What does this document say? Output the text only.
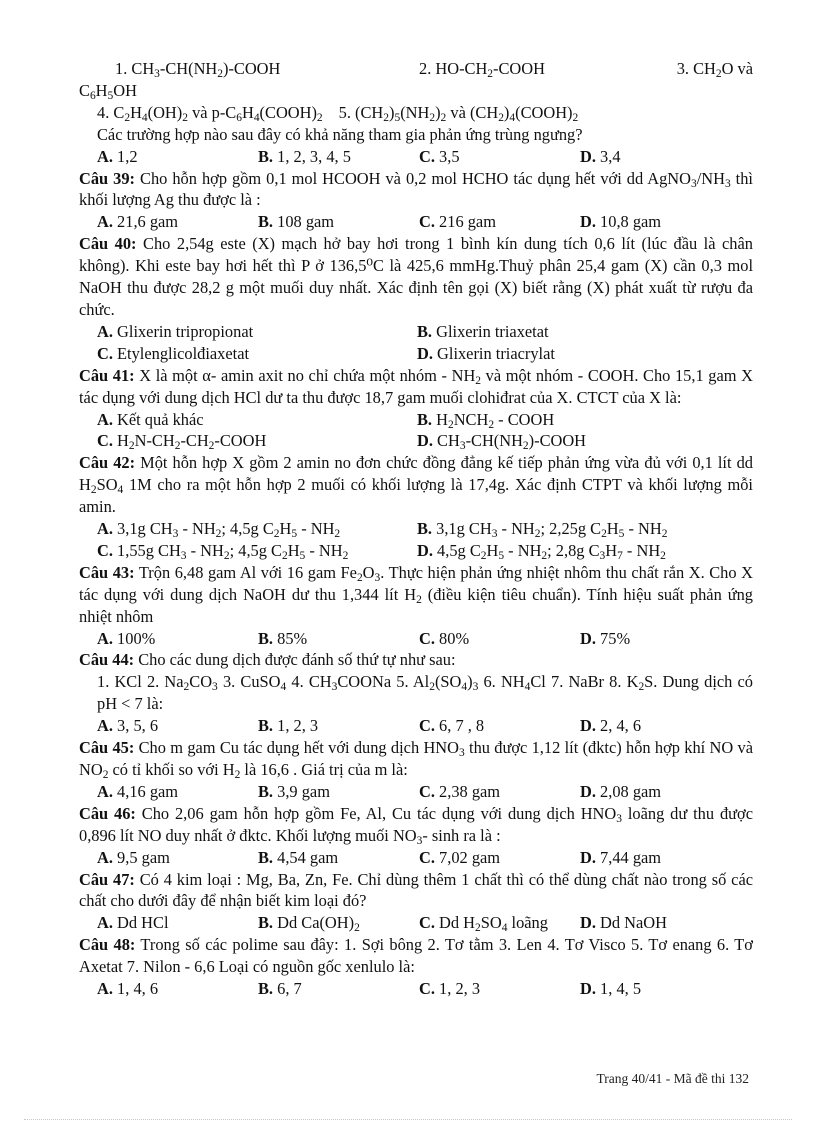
1. $CH_3-CH(NH_2)$-COOH	2. $HO-CH_2$-COOH	3. $CH_2O$ và
$C_6H_5OH$
4. $C_2H_4(OH)_2$ và $p-C_6H_4(COOH)_2$ 5. $(CH_2)_5(NH_2)_2$ và $(CH_2)_4(COOH)_2$
Các trường hợp nào sau đây có khả năng tham gia phản ứng trùng ngưng?
A. 1,2	B. 1, 2, 3, 4, 5	C. 3,5	D. 3,4
Câu 39: Cho hỗn hợp gồm 0,1 mol HCOOH và 0,2 mol HCHO tác dụng hết với dd $AgNO_3/NH_3$ thì khối lượng Ag thu được là :
A. 21,6 gam	B. 108 gam	C. 216 gam	D. 10,8 gam
Câu 40: Cho 2,54g este (X) mạch hở bay hơi trong 1 bình kín dung tích 0,6 lít (lúc đầu là chân không). Khi este bay hơi hết thì P ở 136,5⁰C là 425,6 mmHg.Thuỷ phân 25,4 gam (X) cần 0,3 mol NaOH thu được 28,2 g một muối duy nhất. Xác định tên gọi (X) biết rằng (X) phát xuất từ rượu đa chức.
A. Glixerin tripropionat	B. Glixerin triaxetat
C. Etylenglicolđiaxetat	D. Glixerin triacrylat
Câu 41: X là một α- amin axit no chỉ chứa một nhóm - $NH_2$ và một nhóm - COOH. Cho 15,1 gam X tác dụng với dung dịch HCl dư ta thu được 18,7 gam muối clohiđrat của X. CTCT của X là:
A. Kết quả khác	B. $H_2NCH_2$ - COOH
C. $H_2N-CH_2-CH_2$-COOH	D. $CH_3-CH(NH_2)$-COOH
Câu 42: Một hỗn hợp X gồm 2 amin no đơn chức đồng đẳng kế tiếp phản ứng vừa đủ với 0,1 lít dd $H_2SO_4$ 1M cho ra một hỗn hợp 2 muối có khối lượng là 17,4g. Xác định CTPT và khối lượng mỗi amin.
A. 3,1g $CH_3 - NH_2$; 4,5g $C_2H_5 - NH_2$	B. 3,1g $CH_3 - NH_2$; 2,25g $C_2H_5 - NH_2$
C. 1,55g $CH_3 - NH_2$; 4,5g $C_2H_5 - NH_2$	D. 4,5g $C_2H_5 - NH_2$; 2,8g $C_3H_7 - NH_2$
Câu 43: Trộn 6,48 gam Al với 16 gam $Fe_2O_3$. Thực hiện phản ứng nhiệt nhôm thu chất rắn X. Cho X tác dụng với dung dịch NaOH dư thu 1,344 lít $H_2$ (điều kiện tiêu chuẩn). Tính hiệu suất phản ứng nhiệt nhôm
A. 100%	B. 85%	C. 80%	D. 75%
Câu 44: Cho các dung dịch được đánh số thứ tự như sau:
1. KCl 2. $Na_2CO_3$ 3. CuSO$_4$ 4. $CH_3COONa$ 5. $Al_2(SO_4)_3$ 6. $NH_4Cl$ 7. NaBr 8. $K_2S$. Dung dịch có pH < 7 là:
A. 3, 5, 6	B. 1, 2, 3	C. 6, 7 , 8	D. 2, 4, 6
Câu 45: Cho m gam Cu tác dụng hết với dung dịch $HNO_3$ thu được 1,12 lít (đktc) hỗn hợp khí NO và $NO_2$ có tỉ khối so với $H_2$ là 16,6 . Giá trị của m là:
A. 4,16 gam	B. 3,9 gam	C. 2,38 gam	D. 2,08 gam
Câu 46: Cho 2,06 gam hỗn hợp gồm Fe, Al, Cu tác dụng với dung dịch $HNO_3$ loãng dư thu được 0,896 lít NO duy nhất ở đktc. Khối lượng muối $NO_3-$ sinh ra là :
A. 9,5 gam	B. 4,54 gam	C. 7,02 gam	D. 7,44 gam
Câu 47: Có 4 kim loại : Mg, Ba, Zn, Fe. Chỉ dùng thêm 1 chất thì có thể dùng chất nào trong số các chất cho dưới đây để nhận biết kim loại đó?
A. Dd HCl	B. Dd $Ca(OH)_2$	C. Dd $H_2SO_4$ loãng	D. Dd NaOH
Câu 48: Trong số các polime sau đây: 1. Sợi bông 2. Tơ tằm 3. Len 4. Tơ Visco 5. Tơ enang 6. Tơ Axetat 7. Nilon - 6,6 Loại có nguồn gốc xenlulo là:
A. 1, 4, 6	B. 6, 7	C. 1, 2, 3	D. 1, 4, 5
Trang 40/41 - Mã đề thi 132
